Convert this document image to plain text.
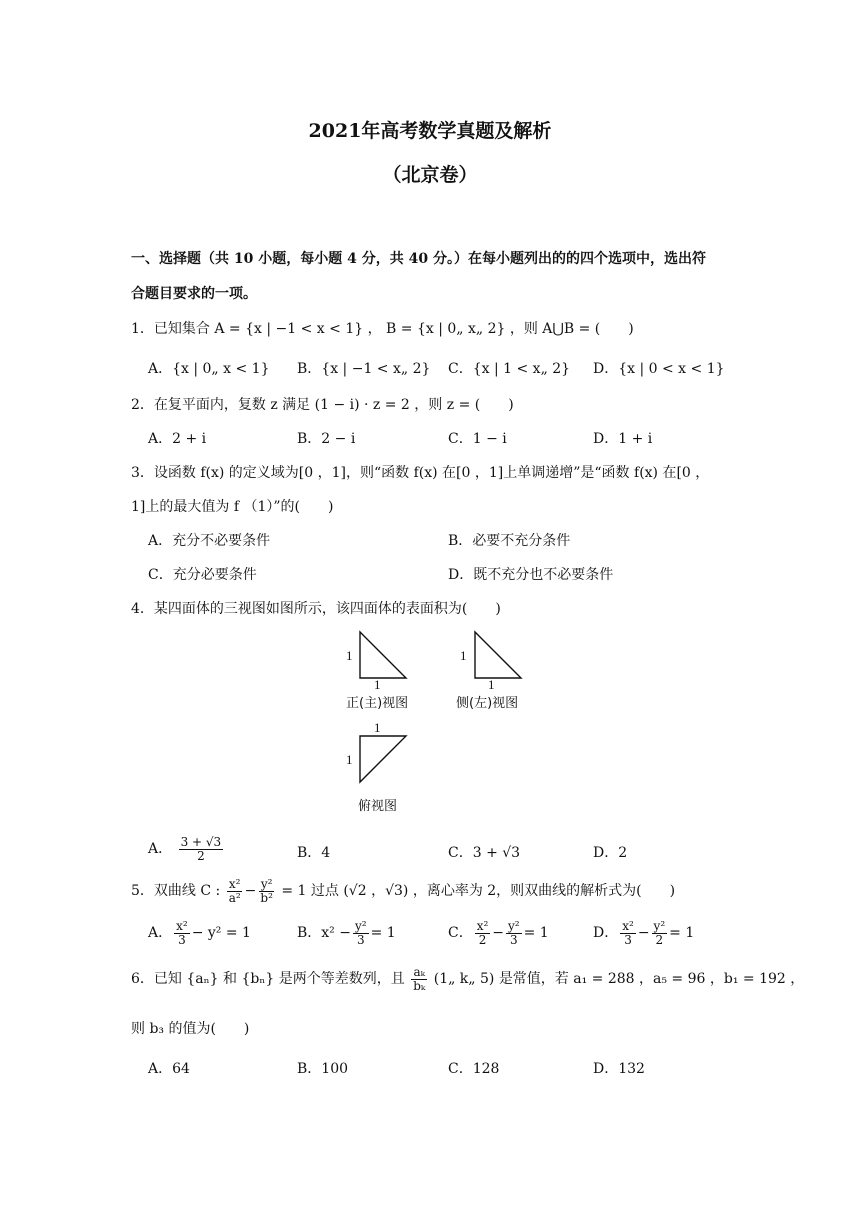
2021年高考数学真题及解析
（北京卷）
一、选择题（共 10 小题，每小题 4 分，共 40 分。）在每小题列出的的四个选项中，选出符
合题目要求的一项。
1．已知集合 A = {x | −1 < x < 1} ， B = {x | 0„ x„ 2} ，则 A⋃B = (　　)
A．{x | 0„ x < 1} B．{x | −1 < x„ 2} C．{x | 1 < x„ 2} D．{x | 0 < x < 1}
2．在复平面内，复数 z 满足 (1 − i) · z = 2 ，则 z = (　　)
A．2 + i	B．2 − i	C．1 − i	D．1 + i
3．设函数 f(x) 的定义域为[0 ，1]，则“函数 f(x) 在[0 ，1]上单调递增”是“函数 f(x) 在[0 ，
1]上的最大值为 f （1）”的(　　)
A．充分不必要条件	B．必要不充分条件
C．充分必要条件	D．既不充分也不必要条件
4．某四面体的三视图如图所示，该四面体的表面积为(　　)
1
1
正(主)视图
1
1
侧(左)视图
1
1
俯视图
A． $\frac{3 + √3}{2}$	B．4	C．3 + √3	D．2
5．双曲线 C : $\frac{\text{x²}}{\text{a²}} - \frac{\text{y²}}{\text{b²}} = 1$ 过点 (√2 ，√3) ，离心率为 2，则双曲线的解析式为(　　)
A． $\frac{\text{x²}}{3} - y^2 = 1$	B．$x^2 - \frac{\text{y²}}{3} = 1$	C． $\frac{\text{x²}}{2} - \frac{\text{y²}}{3} = 1$	D． $\frac{\text{x²}}{3} - \frac{\text{y²}}{2} = 1$
6．已知 {aₙ} 和 {bₙ} 是两个等差数列，且 $\frac{\text{aₖ}}{\text{bₖ}}$ (1„ k„ 5) 是常值，若 a₁ = 288 ，a₅ = 96 ，b₁ = 192 ，
则 b₃ 的值为(　　)
A．64	B．100	C．128	D．132
